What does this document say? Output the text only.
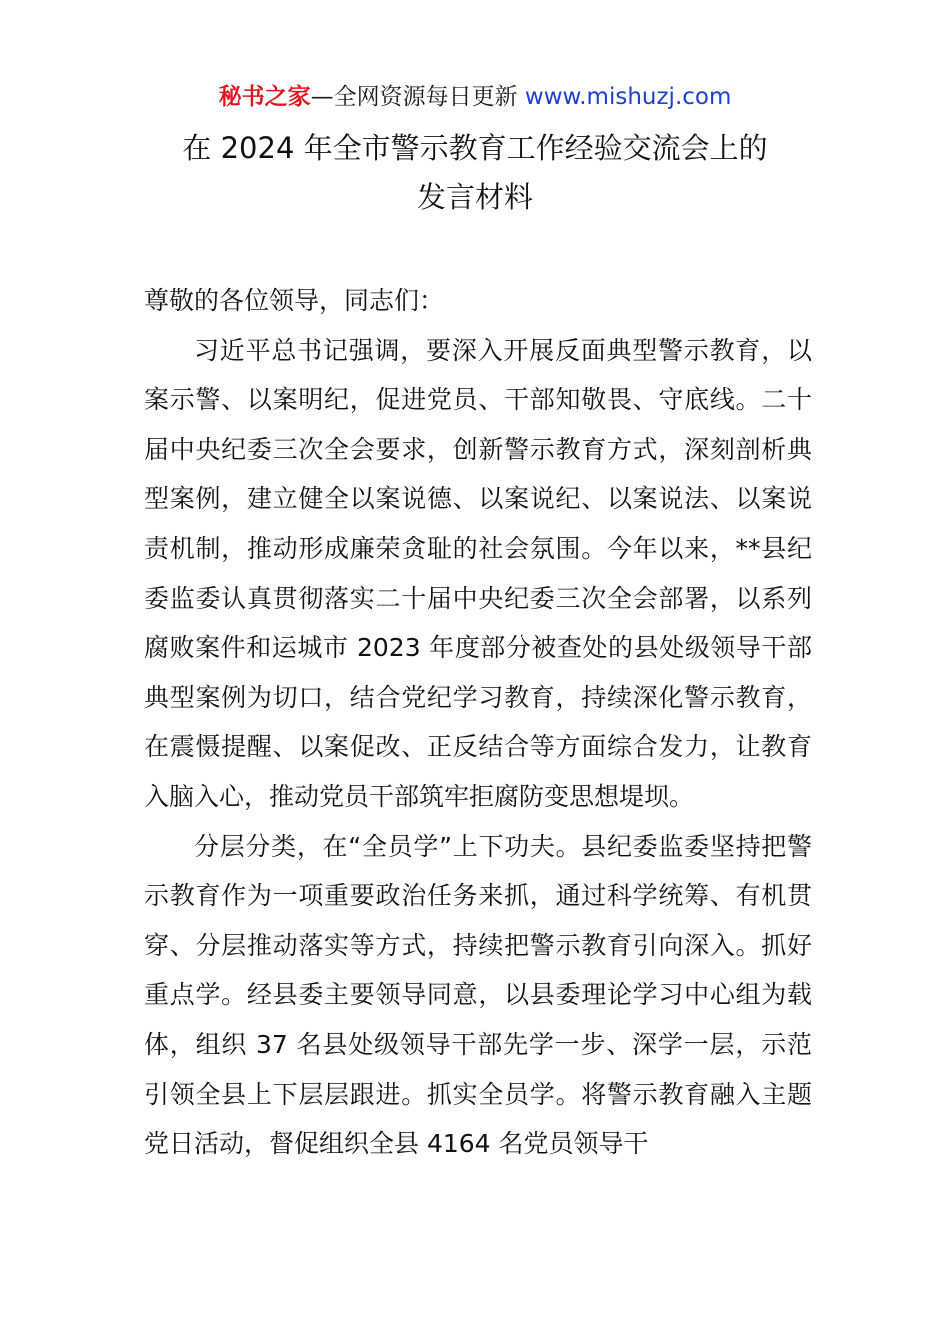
秘书之家—全网资源每日更新 www.mishuzj.com
在 2024 年全市警示教育工作经验交流会上的
发言材料

尊敬的各位领导，同志们：

习近平总书记强调，要深入开展反面典型警示教育，以案示警、以案明纪，促进党员、干部知敬畏、守底线。二十届中央纪委三次全会要求，创新警示教育方式，深刻剖析典型案例，建立健全以案说德、以案说纪、以案说法、以案说责机制，推动形成廉荣贪耻的社会氛围。今年以来，**县纪委监委认真贯彻落实二十届中央纪委三次全会部署，以系列腐败案件和运城市 2023 年度部分被查处的县处级领导干部典型案例为切口，结合党纪学习教育，持续深化警示教育，在震慑提醒、以案促改、正反结合等方面综合发力，让教育入脑入心，推动党员干部筑牢拒腐防变思想堤坝。

分层分类，在“全员学”上下功夫。县纪委监委坚持把警示教育作为一项重要政治任务来抓，通过科学统筹、有机贯穿、分层推动落实等方式，持续把警示教育引向深入。抓好重点学。经县委主要领导同意，以县委理论学习中心组为载体，组织 37 名县处级领导干部先学一步、深学一层，示范引领全县上下层层跟进。抓实全员学。将警示教育融入主题党日活动，督促组织全县 4164 名党员领导干
